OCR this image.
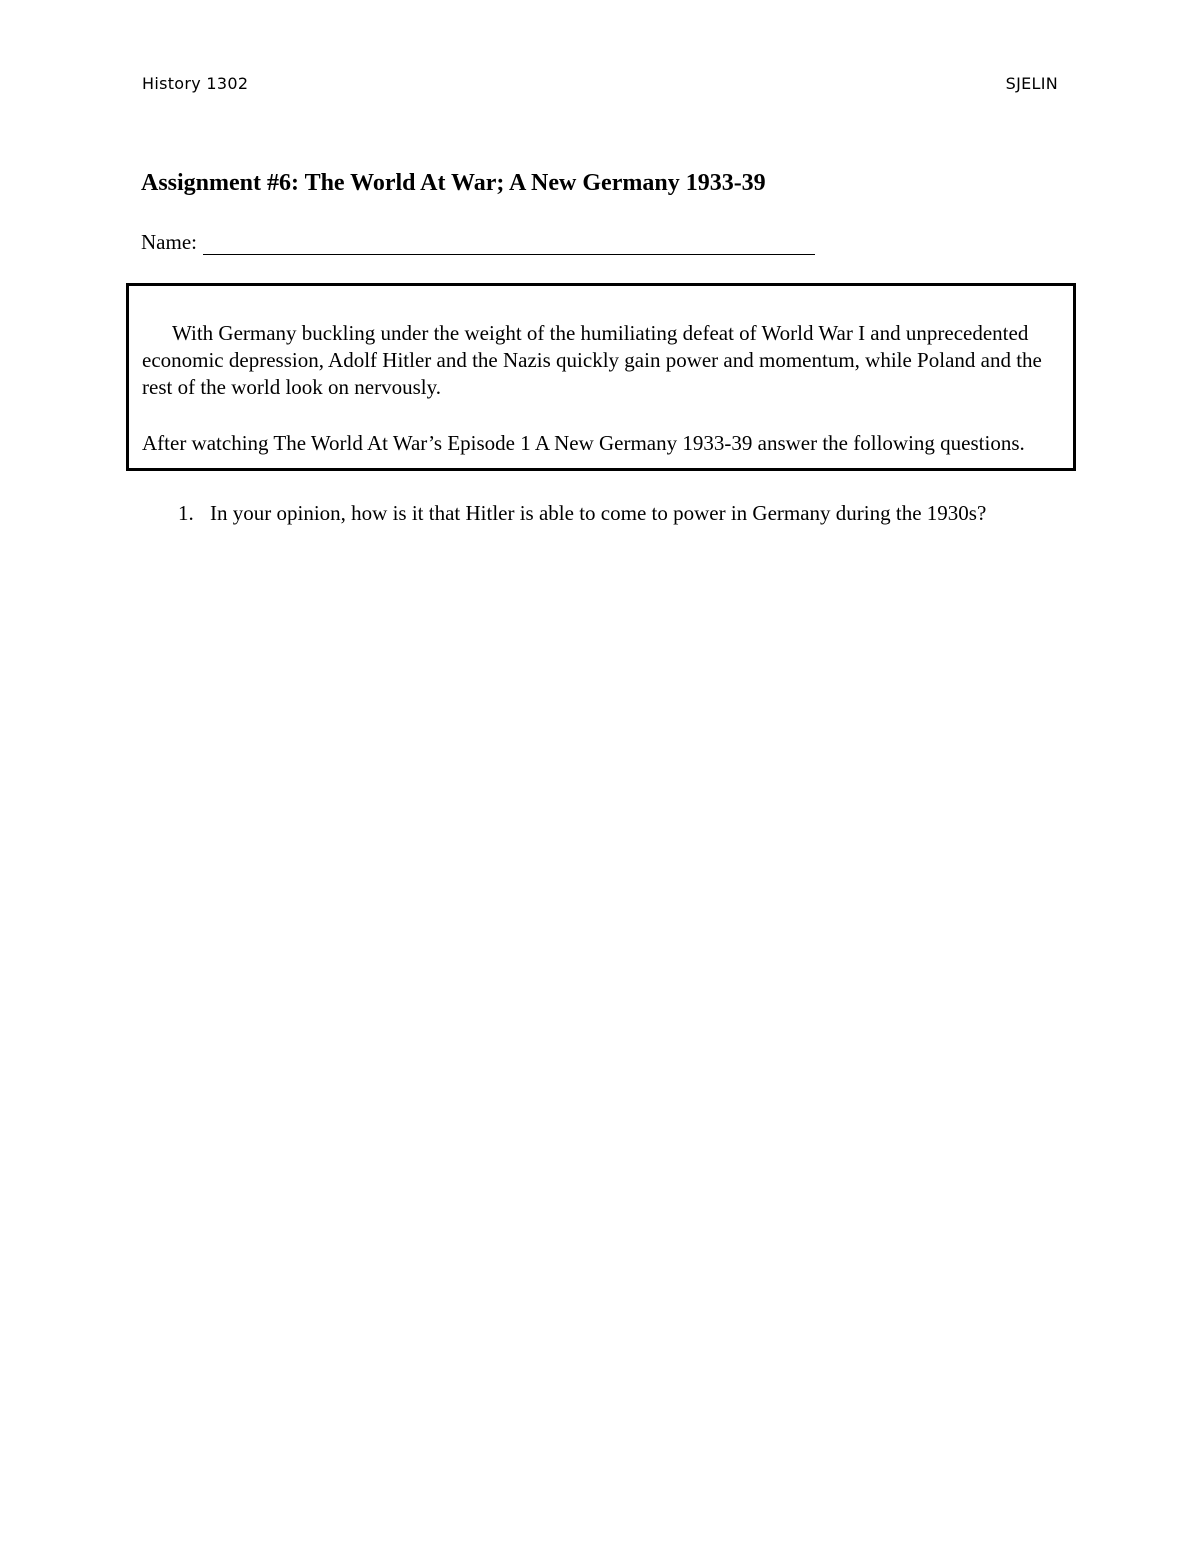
History 1302	SJELIN
Assignment #6: The World At War; A New Germany 1933-39
Name:

With Germany buckling under the weight of the humiliating defeat of World War I and unprecedented economic depression, Adolf Hitler and the Nazis quickly gain power and momentum, while Poland and the rest of the world look on nervously.

After watching The World At War’s Episode 1 A New Germany 1933-39 answer the following questions.

1. In your opinion, how is it that Hitler is able to come to power in Germany during the 1930s?
